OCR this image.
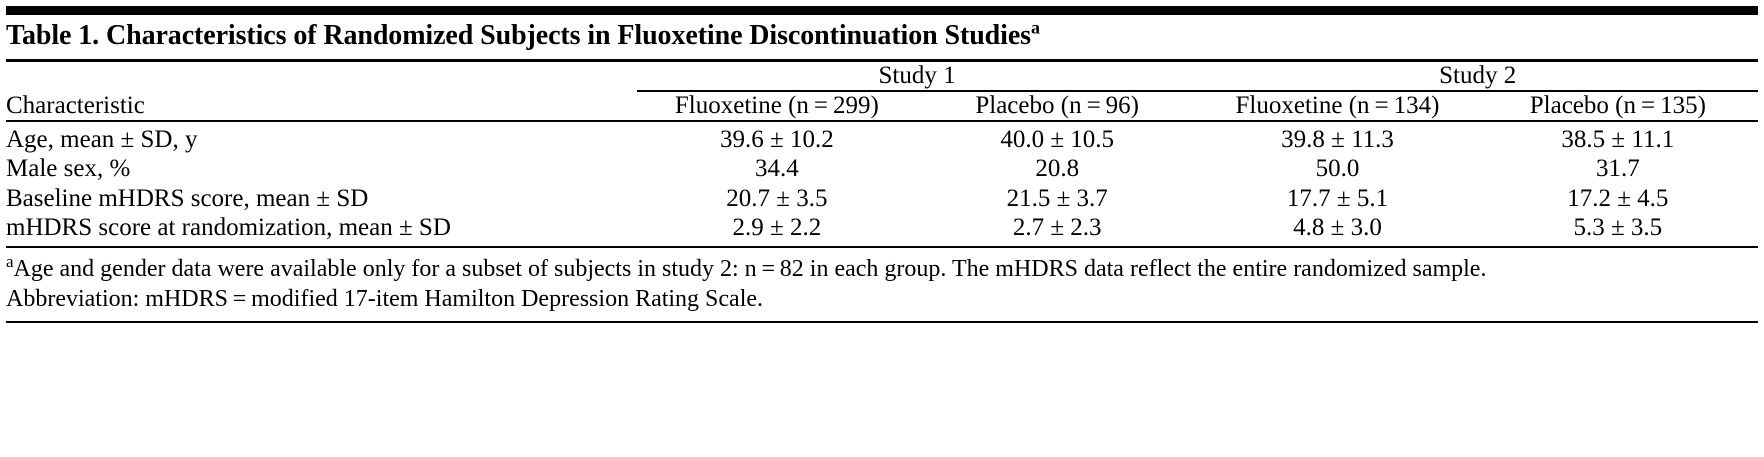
Table 1. Characteristics of Randomized Subjects in Fluoxetine Discontinuation Studies$^a$
	Study 1		Study 2	
Characteristic	Fluoxetine (n = 299)	Placebo (n = 96)	Fluoxetine (n = 134)	Placebo (n = 135)

Age, mean ± SD, y	39.6 ± 10.2	40.0 ± 10.5	39.8 ± 11.3	38.5 ± 11.1
Male sex, %	34.4	20.8	50.0	31.7
Baseline mHDRS score, mean ± SD	20.7 ± 3.5	21.5 ± 3.7	17.7 ± 5.1	17.2 ± 4.5
mHDRS score at randomization, mean ± SD	2.9 ± 2.2	2.7 ± 2.3	4.8 ± 3.0	5.3 ± 3.5

$^a$Age and gender data were available only for a subset of subjects in study 2: n = 82 in each group. The mHDRS data reflect the entire randomized sample.
Abbreviation: mHDRS = modified 17-item Hamilton Depression Rating Scale.
